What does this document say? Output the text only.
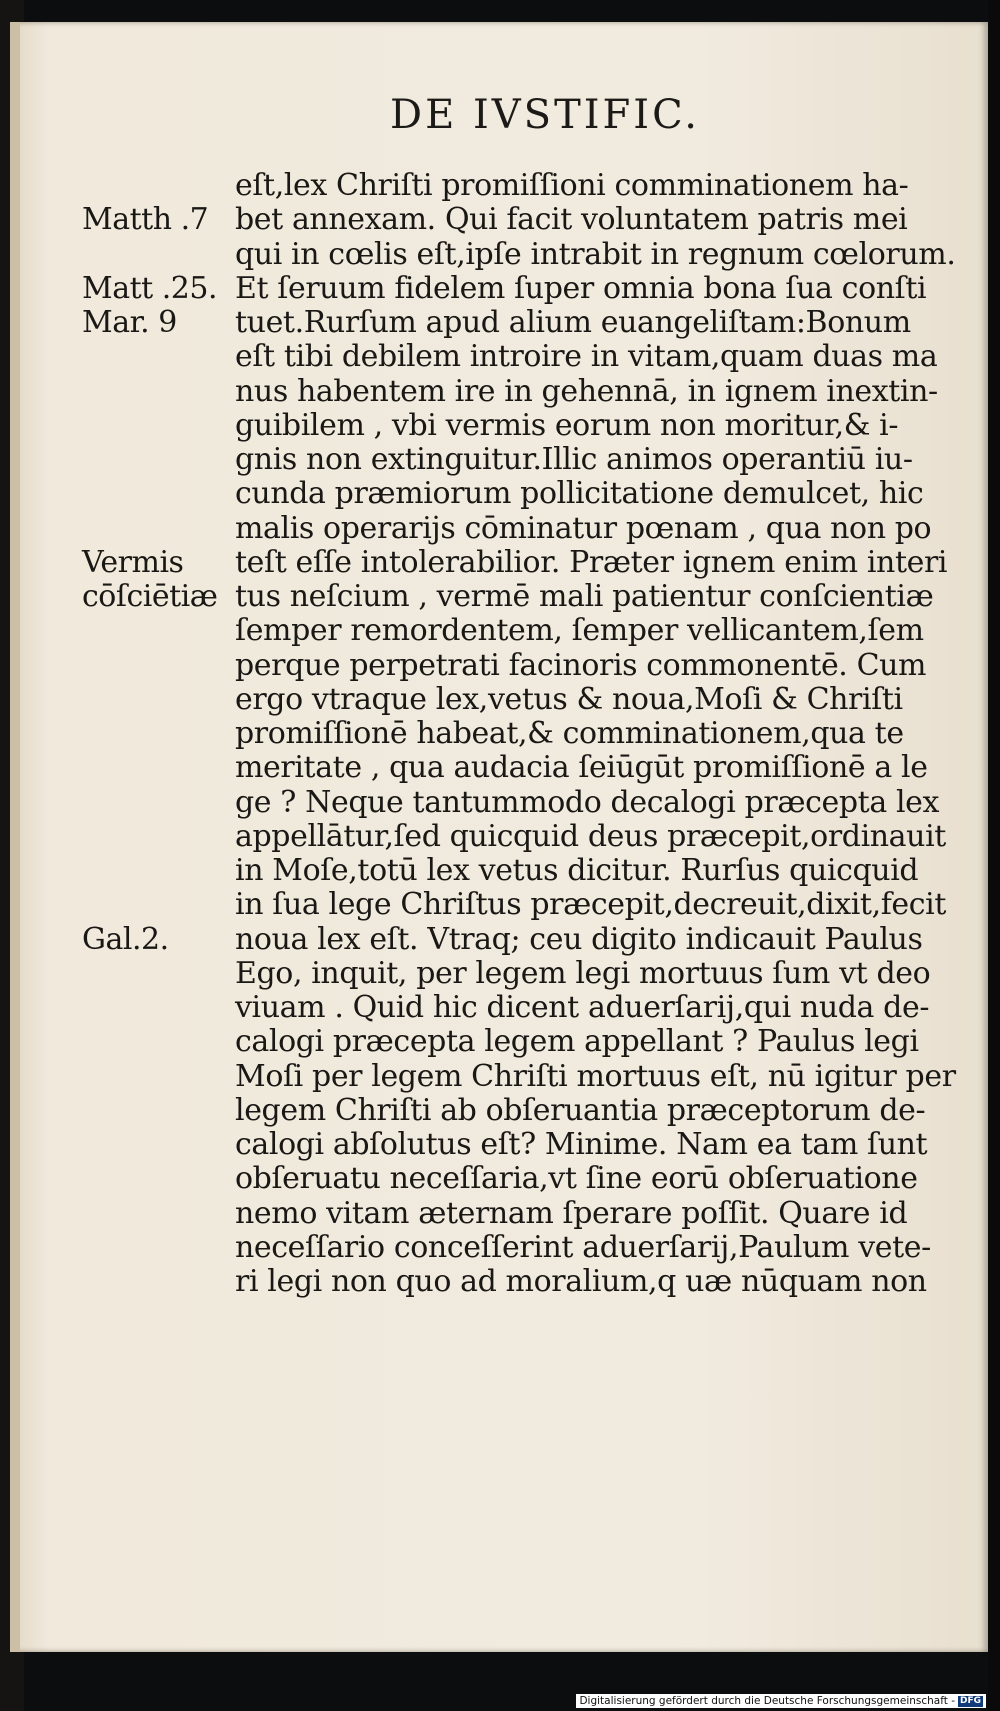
DE IVSTIFIC.
eſt,lex Chriſti promiſſioni comminationem ha-
bet annexam. Qui facit voluntatem patris mei
qui in cœlis eſt,ipſe intrabit in regnum cœlorum.
Et ſeruum fidelem ſuper omnia bona ſua conſti
tuet.Rurſum apud alium euangeliſtam:Bonum
eſt tibi debilem introire in vitam,quam duas ma
nus habentem ire in gehennā, in ignem inextin-
guibilem , vbi vermis eorum non moritur,& i-
gnis non extinguitur.Illic animos operantiū iu-
cunda præmiorum pollicitatione demulcet, hic
malis operarijs cōminatur pœnam , qua non po
teſt eſſe intolerabilior. Præter ignem enim interi
tus neſcium , vermē mali patientur conſcientiæ
ſemper remordentem, ſemper vellicantem,ſem
perque perpetrati facinoris commonentē. Cum
ergo vtraque lex,vetus & noua,Moſi & Chriſti
promiſſionē habeat,& comminationem,qua te
meritate , qua audacia ſeiūgūt promiſſionē a le
ge ? Neque tantummodo decalogi præcepta lex
appellātur,ſed quicquid deus præcepit,ordinauit
in Moſe,totū lex vetus dicitur. Rurſus quicquid
in ſua lege Chriſtus præcepit,decreuit,dixit,fecit
noua lex eſt. Vtraq; ceu digito indicauit Paulus
Ego, inquit, per legem legi mortuus ſum vt deo
viuam . Quid hic dicent aduerſarij,qui nuda de-
calogi præcepta legem appellant ? Paulus legi
Moſi per legem Chriſti mortuus eſt, nū igitur per
legem Chriſti ab obſeruantia præceptorum de-
calogi abſolutus eſt? Minime. Nam ea tam ſunt
obſeruatu neceſſaria,vt ſine eorū obſeruatione
nemo vitam æternam ſperare poſſit. Quare id
neceſſario conceſſerint aduerſarij,Paulum vete-
ri legi non quo ad moralium,q uæ nūquam non
Matth .7
Matt .25.
Mar. 9
Vermis
cōſciētiæ
Gal.2.
Digitalisierung gefördert durch die Deutsche Forschungsgemeinschaft - DFG
